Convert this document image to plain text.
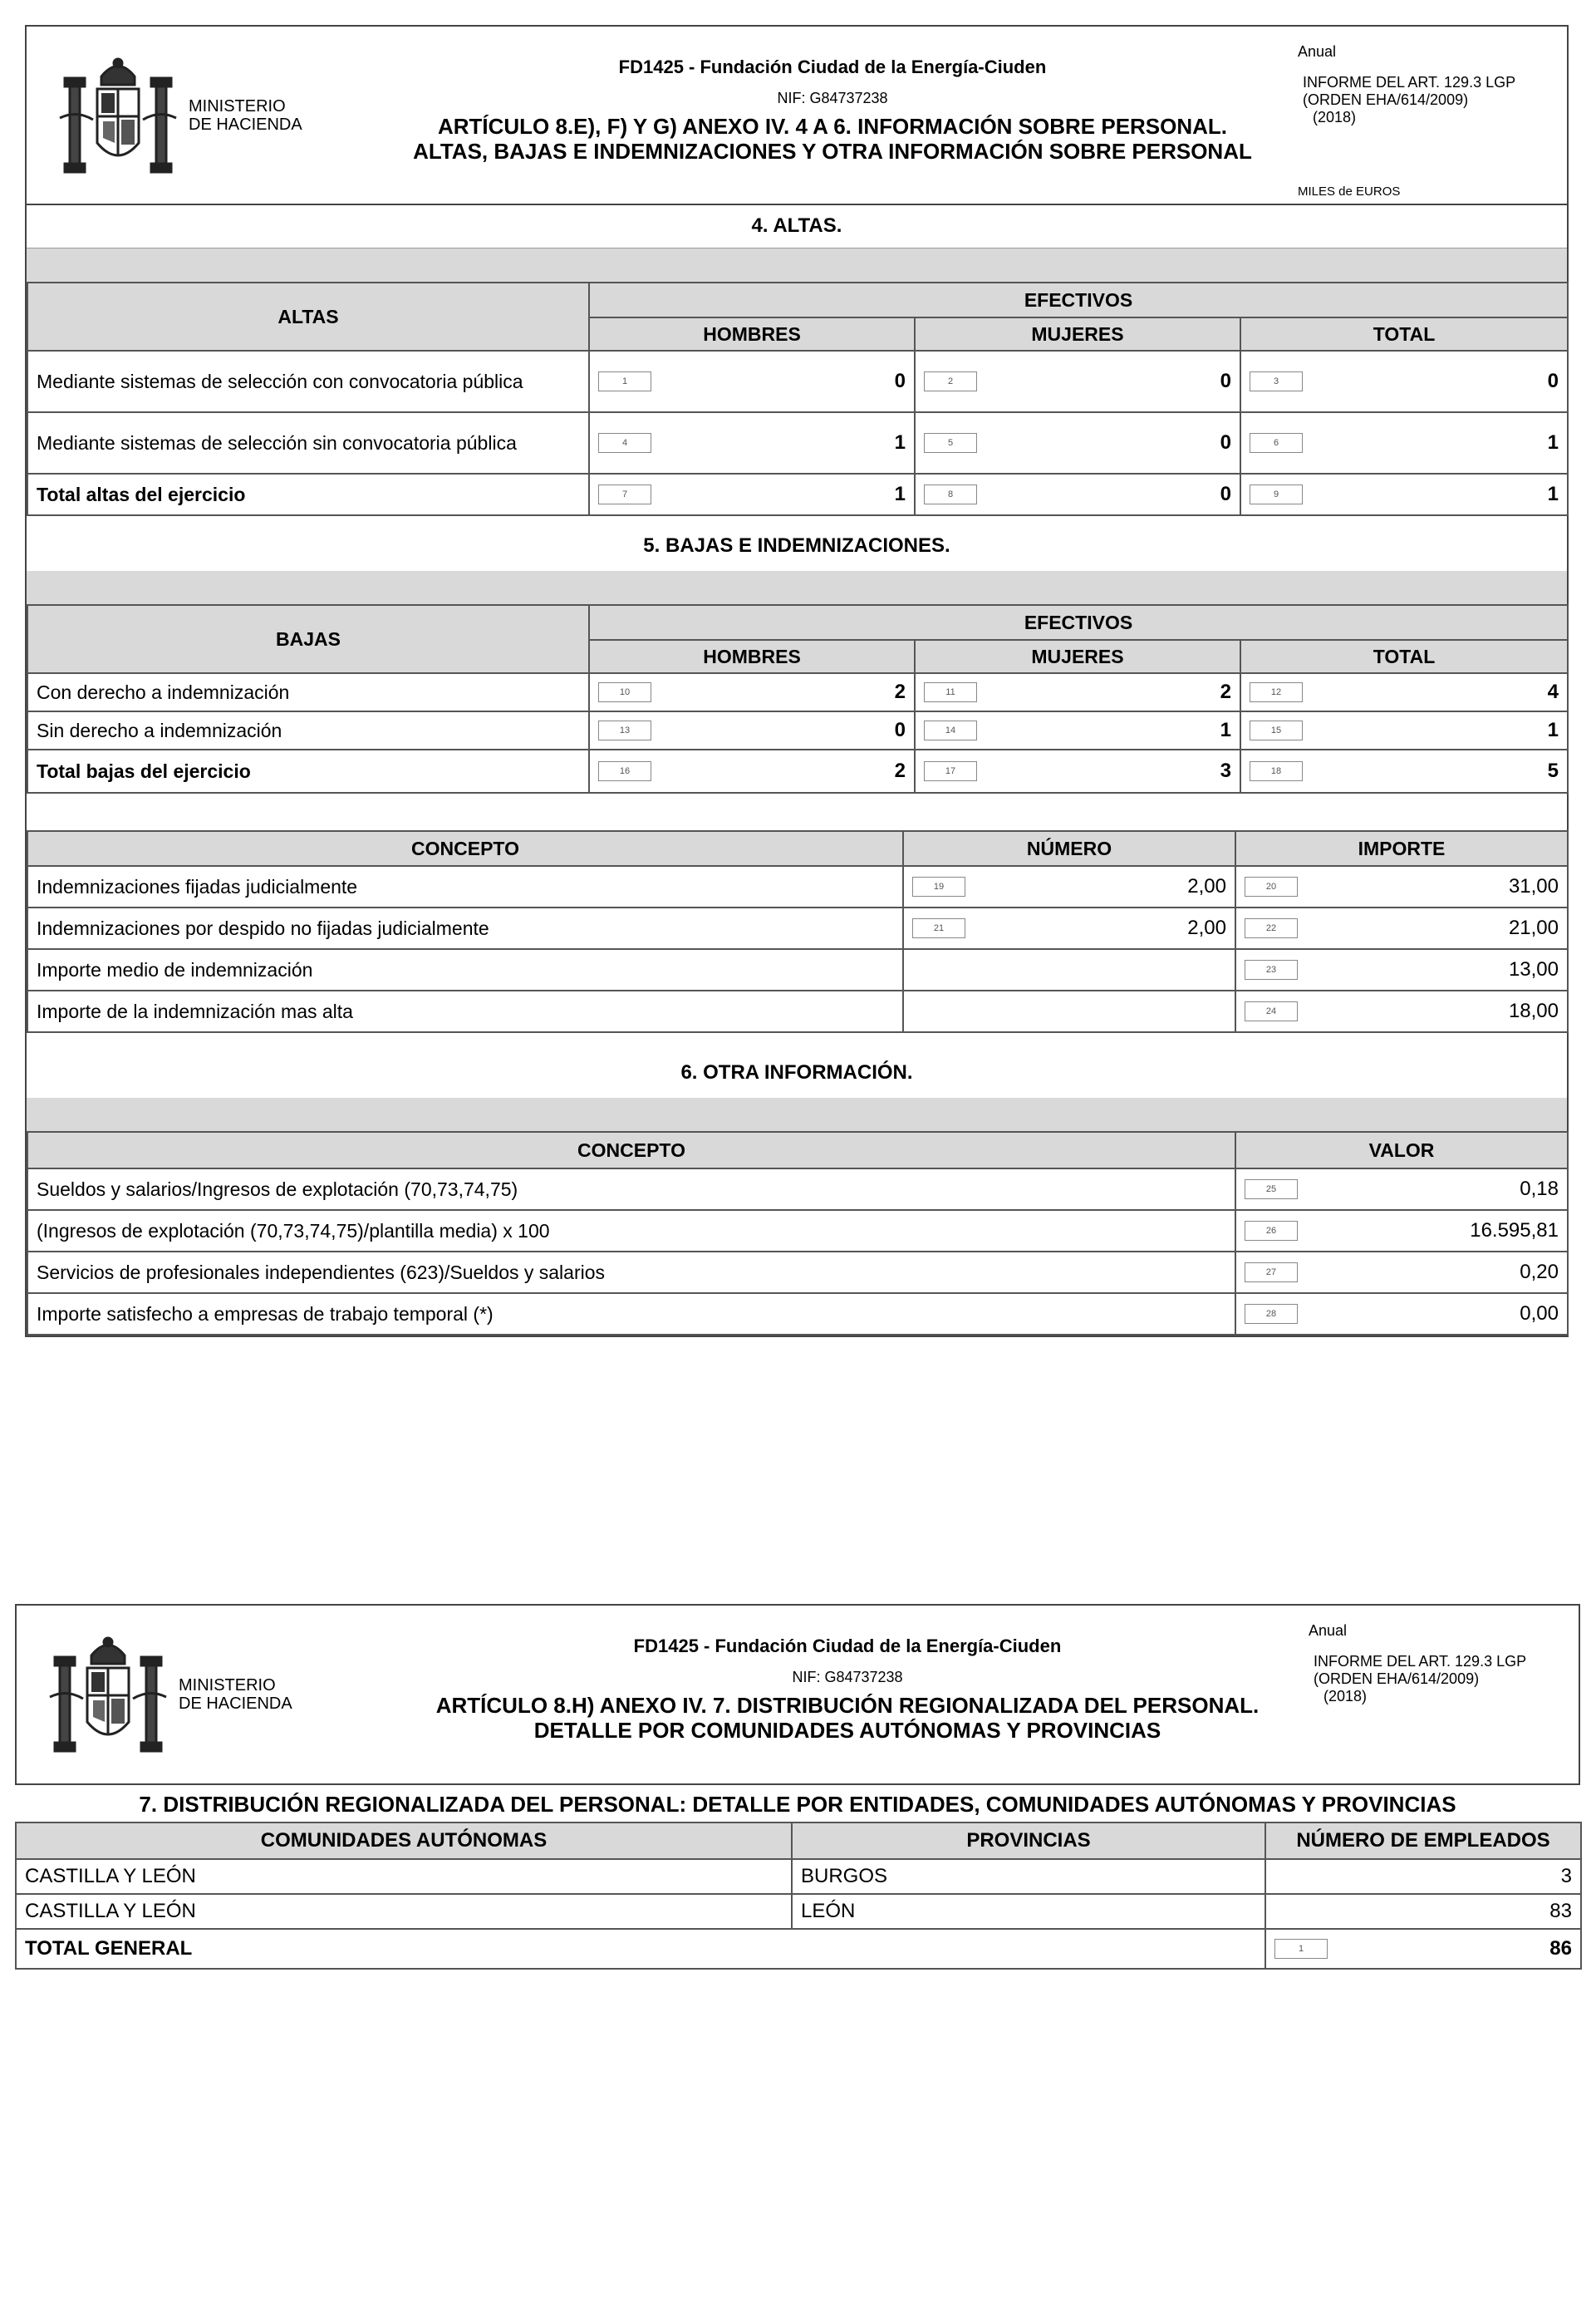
MINISTERIO
DE HACIENDA
FD1425 - Fundación Ciudad de la Energía-Ciuden
NIF: G84737238
ARTÍCULO 8.E), F) Y G) ANEXO IV. 4 A 6. INFORMACIÓN SOBRE PERSONAL.
ALTAS, BAJAS E INDEMNIZACIONES Y OTRA INFORMACIÓN SOBRE PERSONAL
Anual
INFORME DEL ART. 129.3 LGP
(ORDEN EHA/614/2009)
(2018)
MILES de EUROS
4. ALTAS.
ALTAS	EFECTIVOS		
	HOMBRES	MUJERES	TOTAL
Mediante sistemas de selección con convocatoria pública	1 0	2 0	3 0

Mediante sistemas de selección sin convocatoria pública	4 1	5 0	6 1

Total altas del ejercicio	7 1	8 0	9 1
5. BAJAS E INDEMNIZACIONES.
BAJAS	EFECTIVOS		
	HOMBRES	MUJERES	TOTAL
Con derecho a indemnización	10 2	11 2	12 4

Sin derecho a indemnización	13 0	14 1	15 1

Total bajas del ejercicio	16 2	17 3	18 5
CONCEPTO	NÚMERO	IMPORTE
Indemnizaciones fijadas judicialmente	19 2,00	20 31,00

Indemnizaciones por despido no fijadas judicialmente	21 2,00	22 21,00

Importe medio de indemnización		23 13,00

Importe de la indemnización mas alta		24 18,00
6. OTRA INFORMACIÓN.
CONCEPTO	VALOR
Sueldos y salarios/Ingresos de explotación (70,73,74,75)	25 0,18

(Ingresos de explotación (70,73,74,75)/plantilla media) x 100	26 16.595,81

Servicios de profesionales independientes (623)/Sueldos y salarios	27 0,20

Importe satisfecho a empresas de trabajo temporal (*)	28 0,00
MINISTERIO
DE HACIENDA
FD1425 - Fundación Ciudad de la Energía-Ciuden
NIF: G84737238
ARTÍCULO 8.H) ANEXO IV. 7. DISTRIBUCIÓN REGIONALIZADA DEL PERSONAL.
DETALLE POR COMUNIDADES AUTÓNOMAS Y PROVINCIAS
Anual
INFORME DEL ART. 129.3 LGP
(ORDEN EHA/614/2009)
(2018)
7. DISTRIBUCIÓN REGIONALIZADA DEL PERSONAL: DETALLE POR ENTIDADES, COMUNIDADES AUTÓNOMAS Y PROVINCIAS
COMUNIDADES AUTÓNOMAS	PROVINCIAS	NÚMERO DE EMPLEADOS
CASTILLA Y LEÓN	BURGOS	3
CASTILLA Y LEÓN	LEÓN	83
TOTAL GENERAL		1 86
